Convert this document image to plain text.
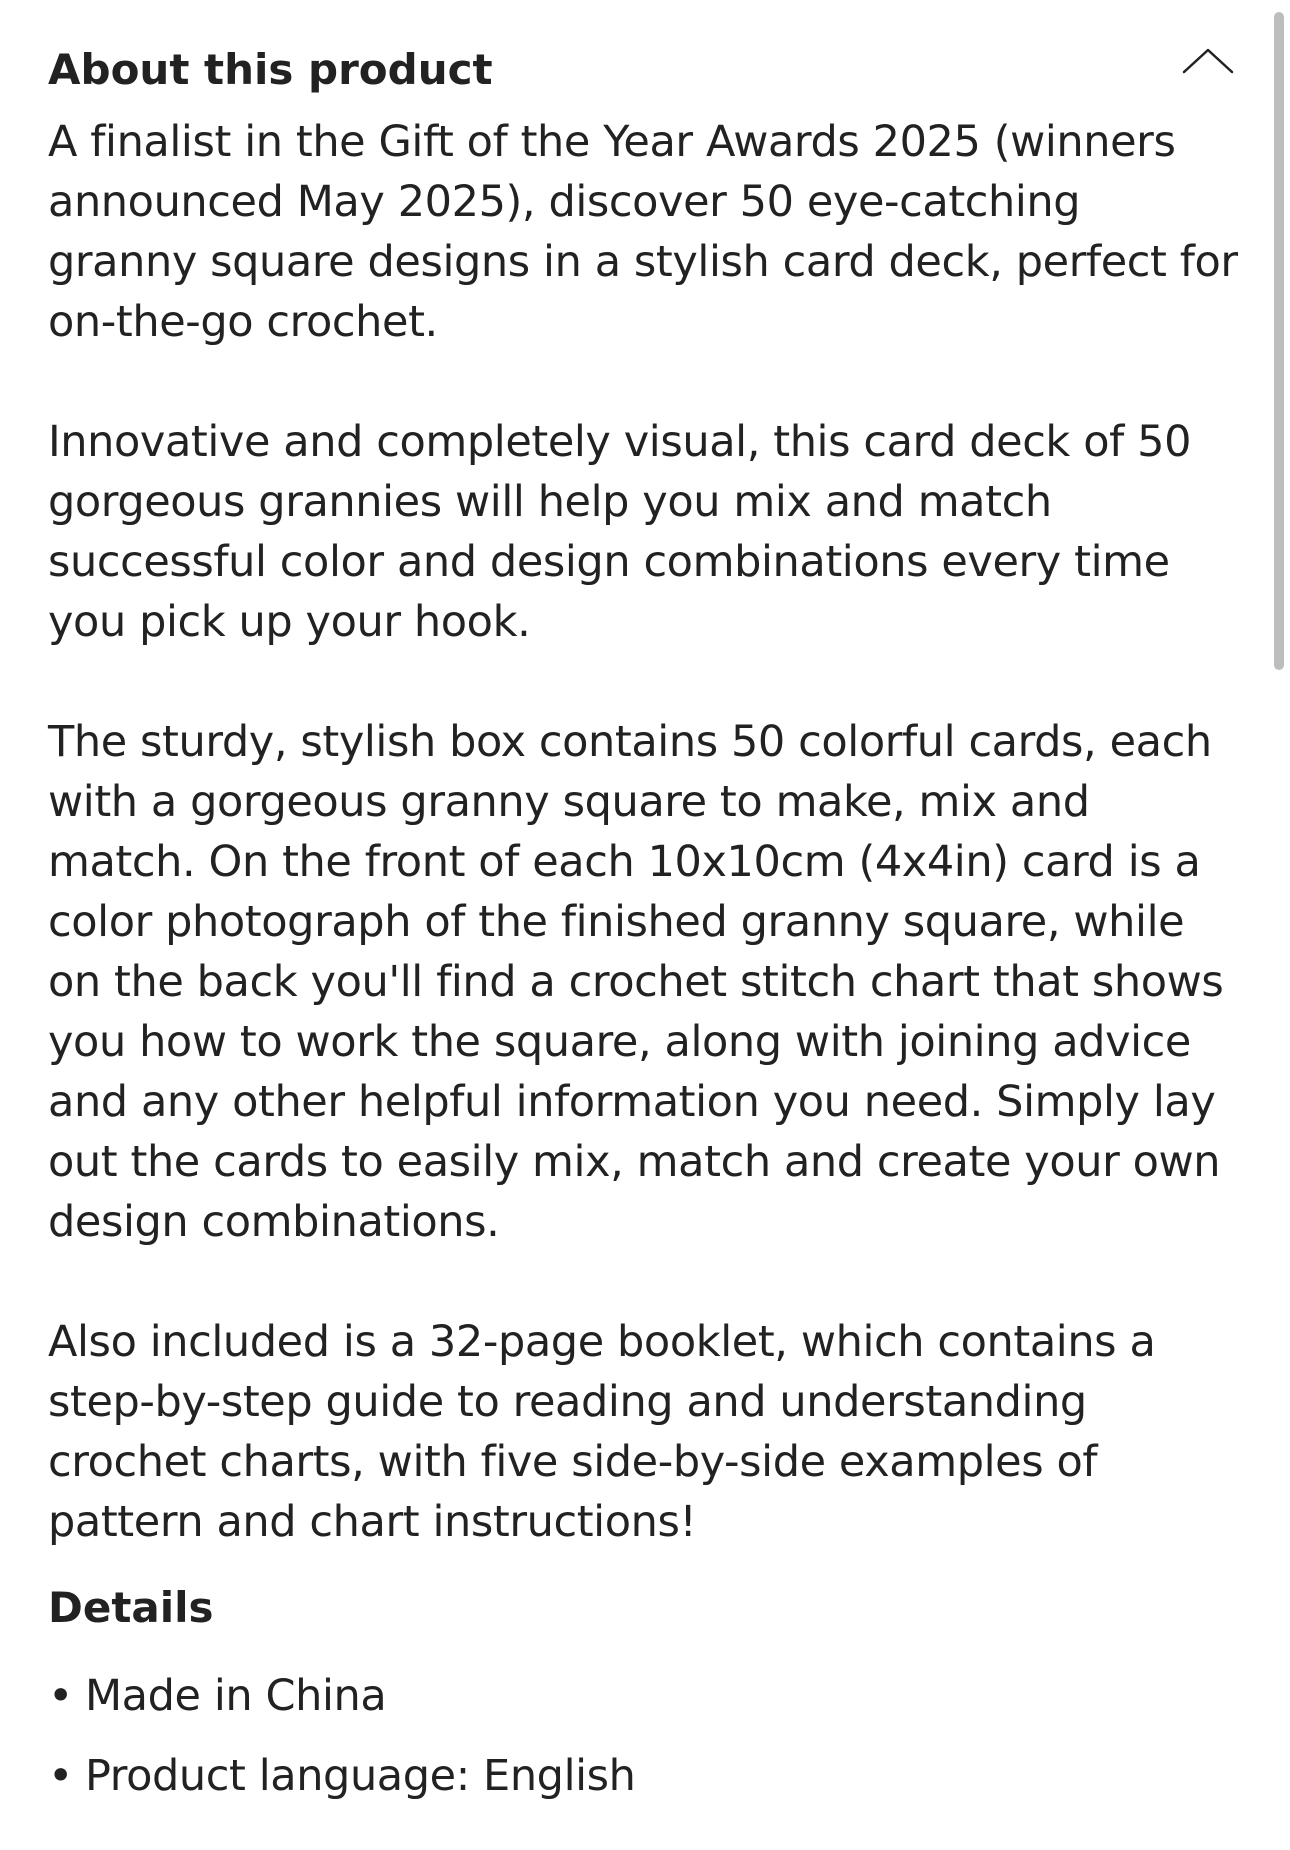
About this product

A finalist in the Gift of the Year Awards 2025 (winners announced May 2025), discover 50 eye-catching granny square designs in a stylish card deck, perfect for on-the-go crochet.

Innovative and completely visual, this card deck of 50 gorgeous grannies will help you mix and match successful color and design combinations every time you pick up your hook.

The sturdy, stylish box contains 50 colorful cards, each with a gorgeous granny square to make, mix and match. On the front of each 10x10cm (4x4in) card is a color photograph of the finished granny square, while on the back you'll find a crochet stitch chart that shows you how to work the square, along with joining advice and any other helpful information you need. Simply lay out the cards to easily mix, match and create your own design combinations.

Also included is a 32-page booklet, which contains a step-by-step guide to reading and understanding crochet charts, with five side-by-side examples of pattern and chart instructions!

Details
• Made in China
• Product language: English
